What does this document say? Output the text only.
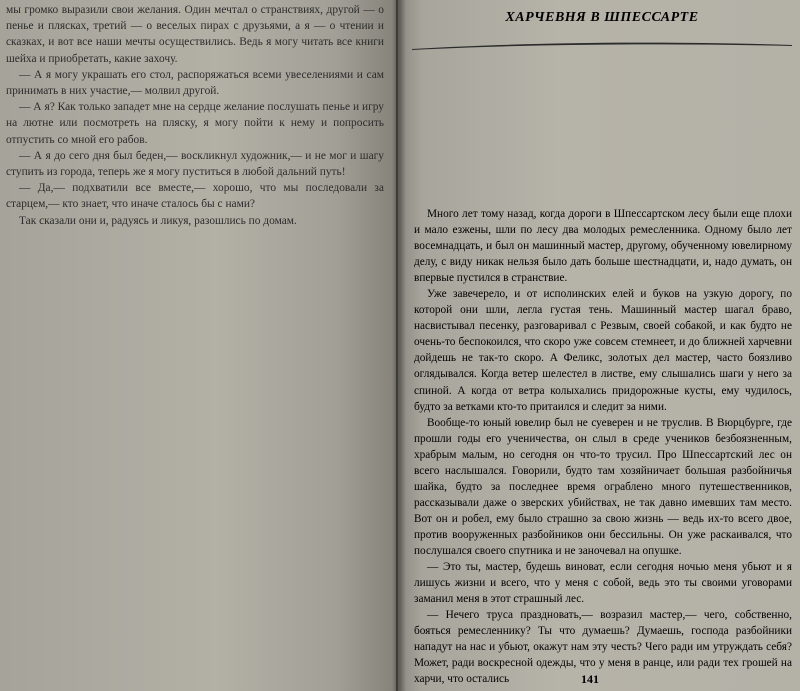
мы громко выразили свои желания. Один мечтал о странствиях, другой — о пенье и плясках, третий — о веселых пирах с друзьями, а я — о чтении и сказках, и вот все наши мечты осуществились. Ведь я могу читать все книги шейха и приобретать, какие захочу.

— А я могу украшать его стол, распоряжаться всеми увеселениями и сам принимать в них участие,— молвил другой.

— А я? Как только западет мне на сердце желание послушать пенье и игру на лютне или посмотреть на пляску, я могу пойти к нему и попросить отпустить со мной его рабов.

— А я до сего дня был беден,— воскликнул художник,— и не мог и шагу ступить из города, теперь же я могу пуститься в любой дальний путь!

— Да,— подхватили все вместе,— хорошо, что мы последовали за старцем,— кто знает, что иначе сталось бы с нами?

Так сказали они и, радуясь и ликуя, разошлись по домам.

ХАРЧЕВНЯ В ШПЕССАРТЕ

Много лет тому назад, когда дороги в Шпессартском лесу были еще плохи и мало езжены, шли по лесу два молодых ремесленника. Одному было лет восемнадцать, и был он машинный мастер, другому, обученному ювелирному делу, с виду никак нельзя было дать больше шестнадцати, и, надо думать, он впервые пустился в странствие.

Уже завечерело, и от исполинских елей и буков на узкую дорогу, по которой они шли, легла густая тень. Машинный мастер шагал браво, насвистывал песенку, разговаривал с Резвым, своей собакой, и как будто не очень-то беспокоился, что скоро уже совсем стемнеет, и до ближней харчевни дойдешь не так-то скоро. А Феликс, золотых дел мастер, часто боязливо оглядывался. Когда ветер шелестел в листве, ему слышались шаги у него за спиной. А когда от ветра колыхались придорожные кусты, ему чудилось, будто за ветками кто-то притаился и следит за ними.

Вообще-то юный ювелир был не суеверен и не труслив. В Вюрцбурге, где прошли годы его ученичества, он слыл в среде учеников безбоязненным, храбрым малым, но сегодня он что-то трусил. Про Шпессартский лес он всего наслышался. Говорили, будто там хозяйничает большая разбойничья шайка, будто за последнее время ограблено много путешественников, рассказывали даже о зверских убийствах, не так давно имевших там место. Вот он и робел, ему было страшно за свою жизнь — ведь их-то всего двое, против вооруженных разбойников они бессильны. Он уже раскаивался, что послушался своего спутника и не заночевал на опушке.

— Это ты, мастер, будешь виноват, если сегодня ночью меня убьют и я лишусь жизни и всего, что у меня с собой, ведь это ты своими уговорами заманил меня в этот страшный лес.

— Нечего труса праздновать,— возразил мастер,— чего, собственно, бояться ремесленнику? Ты что думаешь? Думаешь, господа разбойники нападут на нас и убьют, окажут нам эту честь? Чего ради им утруждать себя? Может, ради воскресной одежды, что у меня в ранце, или ради тех грошей на харчи, что остались	141
